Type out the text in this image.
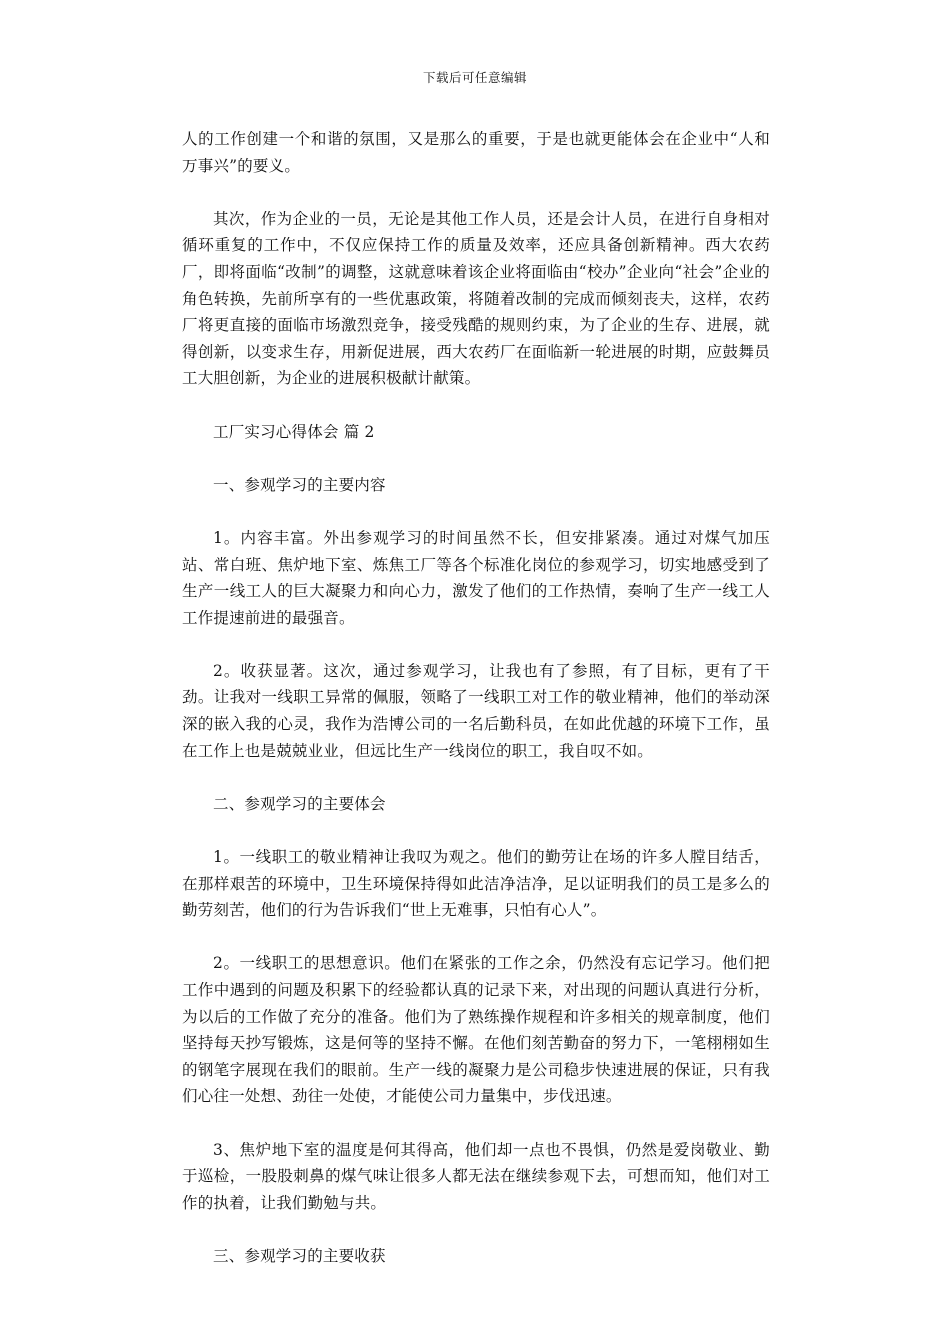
下载后可任意编辑

人的工作创建一个和谐的氛围，又是那么的重要，于是也就更能体会在企业中“人和万事兴”的要义。

其次，作为企业的一员，无论是其他工作人员，还是会计人员，在进行自身相对循环重复的工作中，不仅应保持工作的质量及效率，还应具备创新精神。西大农药厂，即将面临“改制”的调整，这就意味着该企业将面临由“校办”企业向“社会”企业的角色转换，先前所享有的一些优惠政策，将随着改制的完成而倾刻丧夫，这样，农药厂将更直接的面临市场激烈竞争，接受残酷的规则约束，为了企业的生存、进展，就得创新，以变求生存，用新促进展，西大农药厂在面临新一轮进展的时期，应鼓舞员工大胆创新，为企业的进展积极献计献策。

工厂实习心得体会 篇 2

一、参观学习的主要内容

1。内容丰富。外出参观学习的时间虽然不长，但安排紧凑。通过对煤气加压站、常白班、焦炉地下室、炼焦工厂等各个标准化岗位的参观学习，切实地感受到了生产一线工人的巨大凝聚力和向心力，激发了他们的工作热情，奏响了生产一线工人工作提速前进的最强音。

2。收获显著。这次，通过参观学习，让我也有了参照，有了目标，更有了干劲。让我对一线职工异常的佩服，领略了一线职工对工作的敬业精神，他们的举动深深的嵌入我的心灵，我作为浩博公司的一名后勤科员，在如此优越的环境下工作，虽在工作上也是兢兢业业，但远比生产一线岗位的职工，我自叹不如。

二、参观学习的主要体会

1。一线职工的敬业精神让我叹为观之。他们的勤劳让在场的许多人膛目结舌，在那样艰苦的环境中，卫生环境保持得如此洁净洁净，足以证明我们的员工是多么的勤劳刻苦，他们的行为告诉我们“世上无难事，只怕有心人”。

2。一线职工的思想意识。他们在紧张的工作之余，仍然没有忘记学习。他们把工作中遇到的问题及积累下的经验都认真的记录下来，对出现的问题认真进行分析，为以后的工作做了充分的准备。他们为了熟练操作规程和许多相关的规章制度，他们坚持每天抄写锻炼，这是何等的坚持不懈。在他们刻苦勤奋的努力下，一笔栩栩如生的钢笔字展现在我们的眼前。生产一线的凝聚力是公司稳步快速进展的保证，只有我们心往一处想、劲往一处使，才能使公司力量集中，步伐迅速。

3、焦炉地下室的温度是何其得高，他们却一点也不畏惧，仍然是爱岗敬业、勤于巡检，一股股刺鼻的煤气味让很多人都无法在继续参观下去，可想而知，他们对工作的执着，让我们勤勉与共。

三、参观学习的主要收获
